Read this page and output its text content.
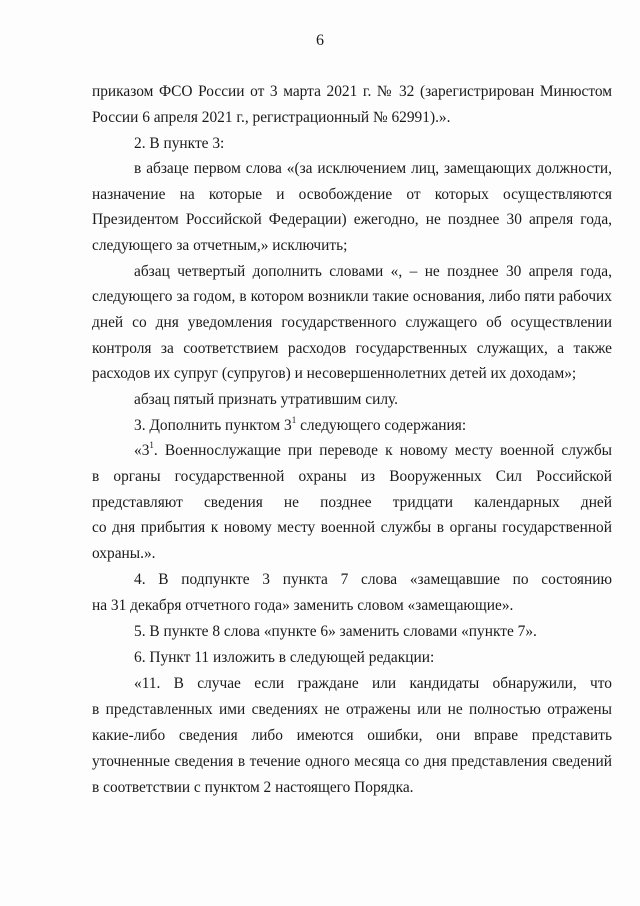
6
приказом ФСО России от 3 марта 2021 г. № 32 (зарегистрирован Минюстом
России 6 апреля 2021 г., регистрационный № 62991).».
2. В пункте 3:
в абзаце первом слова «(за исключением лиц, замещающих должности,
назначение на которые и освобождение от которых осуществляются
Президентом Российской Федерации) ежегодно, не позднее 30 апреля года,
следующего за отчетным,» исключить;
абзац четвертый дополнить словами «, – не позднее 30 апреля года,
следующего за годом, в котором возникли такие основания, либо пяти рабочих
дней со дня уведомления государственного служащего об осуществлении
контроля за соответствием расходов государственных служащих, а также
расходов их супруг (супругов) и несовершеннолетних детей их доходам»;
абзац пятый признать утратившим силу.
3. Дополнить пунктом $3^1$ следующего содержания:
«$3^1$. Военнослужащие при переводе к новому месту военной службы
в органы государственной охраны из Вооруженных Сил Российской
представляют сведения не позднее тридцати календарных дней
со дня прибытия к новому месту военной службы в органы государственной
охраны.».
4. В подпункте 3 пункта 7 слова «замещавшие по состоянию
на 31 декабря отчетного года» заменить словом «замещающие».
5. В пункте 8 слова «пункте 6» заменить словами «пункте 7».
6. Пункт 11 изложить в следующей редакции:
«11. В случае если граждане или кандидаты обнаружили, что
в представленных ими сведениях не отражены или не полностью отражены
какие-либо сведения либо имеются ошибки, они вправе представить
уточненные сведения в течение одного месяца со дня представления сведений
в соответствии с пунктом 2 настоящего Порядка.
